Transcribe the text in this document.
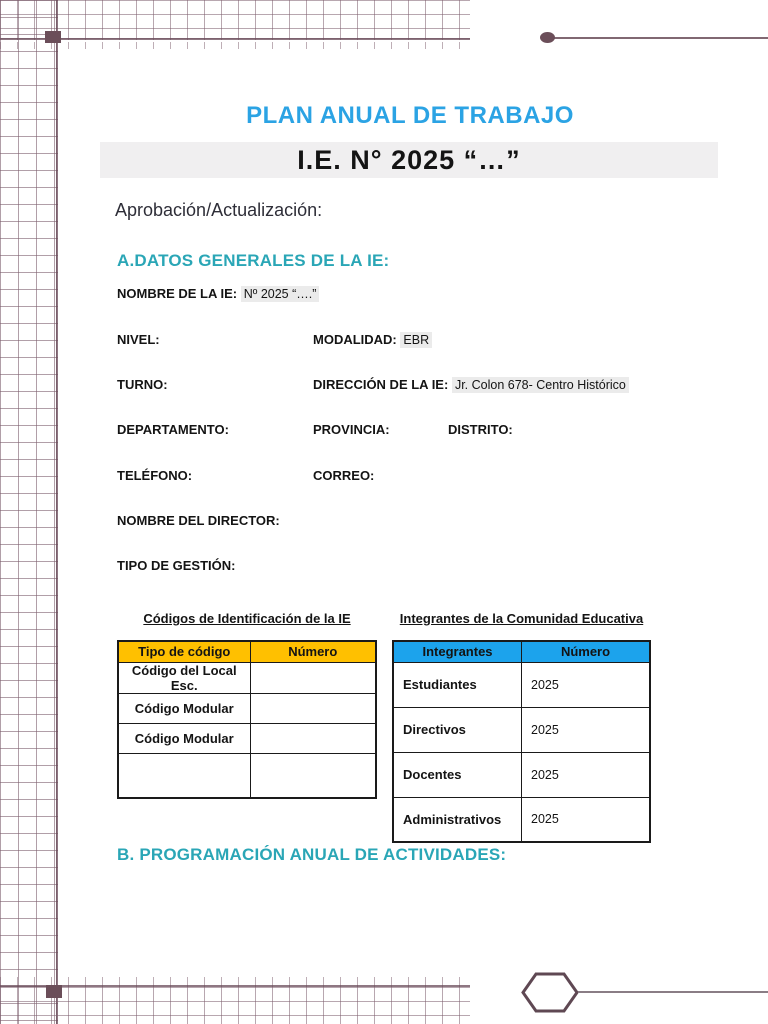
PLAN ANUAL DE TRABAJO
I.E. N° 2025 “…”
Aprobación/Actualización:
A.DATOS GENERALES DE LA IE:
NOMBRE DE LA IE: Nº 2025 “….”
NIVEL:	MODALIDAD: EBR
TURNO:	DIRECCIÓN DE LA IE: Jr. Colon 678- Centro Histórico
DEPARTAMENTO:	PROVINCIA:	DISTRITO:
TELÉFONO:	CORREO:
NOMBRE DEL DIRECTOR:
TIPO DE GESTIÓN:
Códigos de Identificación de la IE	Integrantes de la Comunidad Educativa
Tipo de código	Número
Código del Local Esc.	
Código Modular	
Código Modular	

Integrantes	Número
Estudiantes	2025
Directivos	2025
Docentes	2025
Administrativos	2025
B. PROGRAMACIÓN ANUAL DE ACTIVIDADES:
